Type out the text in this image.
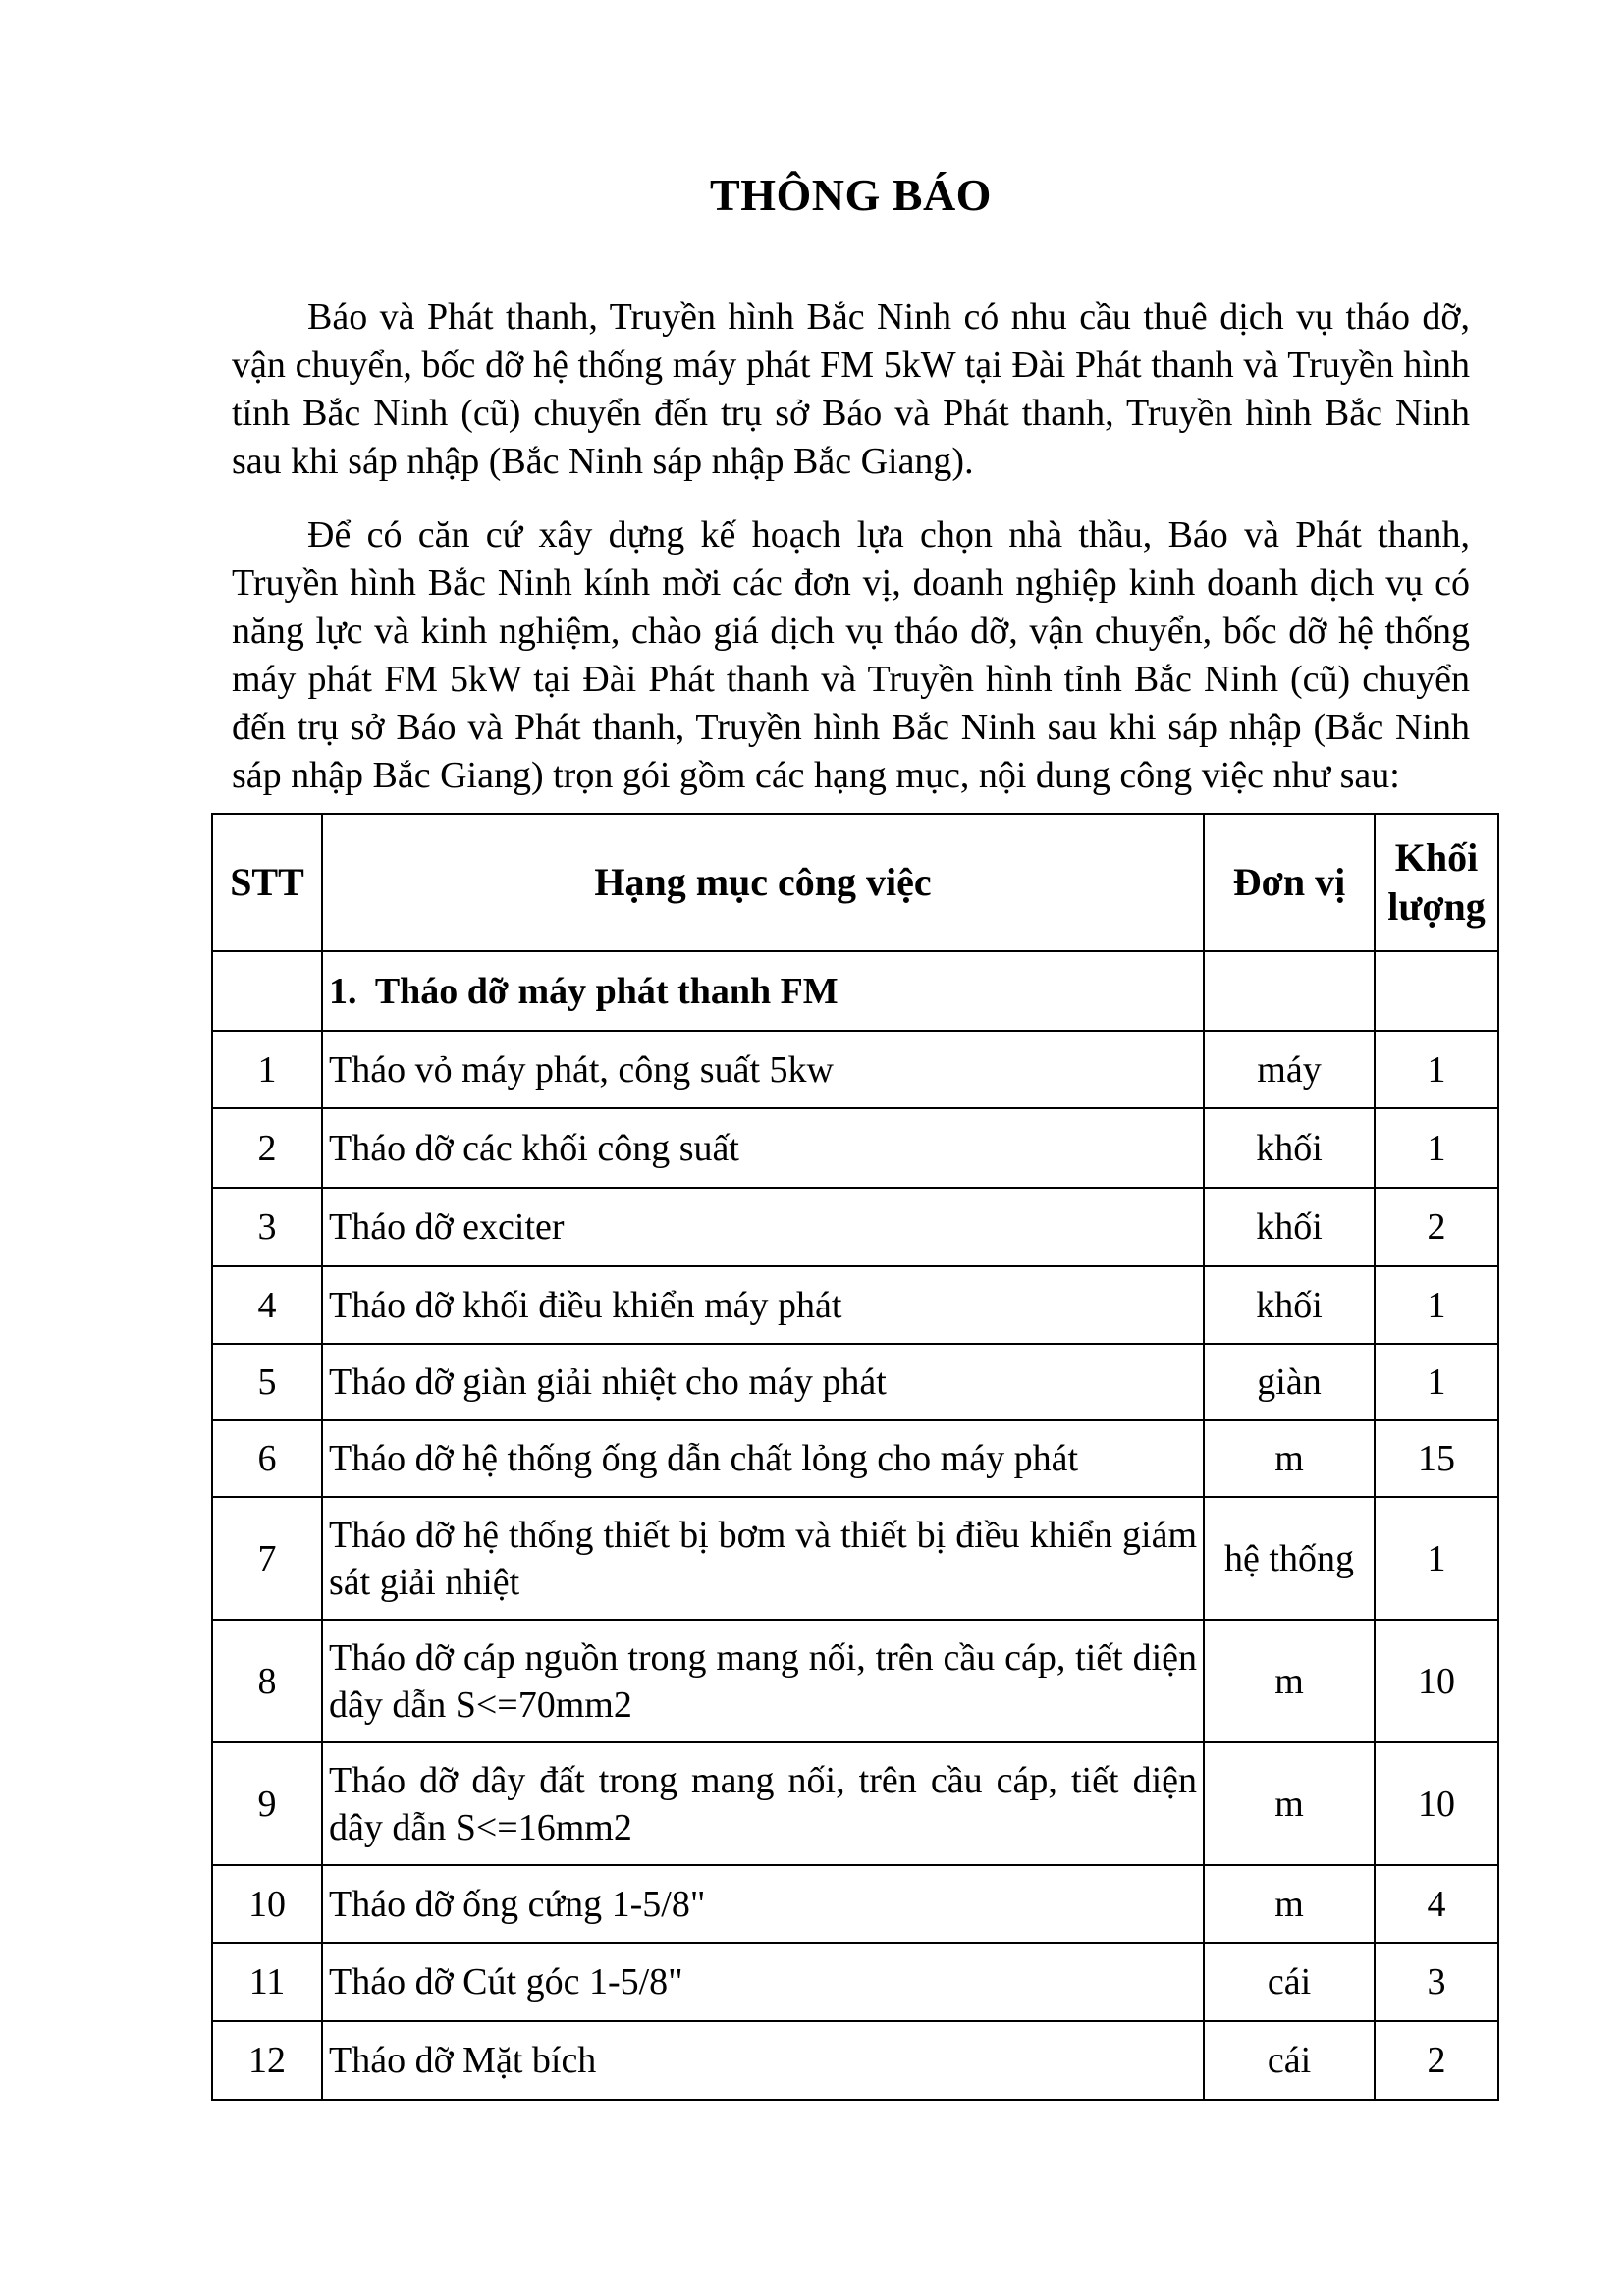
THÔNG BÁO

Báo và Phát thanh, Truyền hình Bắc Ninh có nhu cầu thuê dịch vụ tháo dỡ, vận chuyển, bốc dỡ hệ thống máy phát FM 5kW tại Đài Phát thanh và Truyền hình tỉnh Bắc Ninh (cũ) chuyển đến trụ sở Báo và Phát thanh, Truyền hình Bắc Ninh sau khi sáp nhập (Bắc Ninh sáp nhập Bắc Giang).

Để có căn cứ xây dựng kế hoạch lựa chọn nhà thầu, Báo và Phát thanh, Truyền hình Bắc Ninh kính mời các đơn vị, doanh nghiệp kinh doanh dịch vụ có năng lực và kinh nghiệm, chào giá dịch vụ tháo dỡ, vận chuyển, bốc dỡ hệ thống máy phát FM 5kW tại Đài Phát thanh và Truyền hình tỉnh Bắc Ninh (cũ) chuyển đến trụ sở Báo và Phát thanh, Truyền hình Bắc Ninh sau khi sáp nhập (Bắc Ninh sáp nhập Bắc Giang) trọn gói gồm các hạng mục, nội dung công việc như sau:

STT	Hạng mục công việc	Đơn vị	Khối lượng
	1.  Tháo dỡ máy phát thanh FM		
1	Tháo vỏ máy phát, công suất 5kw	máy	1
2	Tháo dỡ các khối công suất	khối	1
3	Tháo dỡ exciter	khối	2
4	Tháo dỡ khối điều khiển máy phát	khối	1
5	Tháo dỡ giàn giải nhiệt cho máy phát	giàn	1
6	Tháo dỡ hệ thống ống dẫn chất lỏng cho máy phát	m	15
7	Tháo dỡ hệ thống thiết bị bơm và thiết bị điều khiển giám sát giải nhiệt	hệ thống	1
8	Tháo dỡ cáp nguồn trong mang nối, trên cầu cáp, tiết diện dây dẫn S<=70mm2	m	10
9	Tháo dỡ dây đất trong mang nối, trên cầu cáp, tiết diện dây dẫn S<=16mm2	m	10
10	Tháo dỡ ống cứng 1-5/8"	m	4
11	Tháo dỡ Cút góc 1-5/8"	cái	3
12	Tháo dỡ Mặt bích	cái	2
